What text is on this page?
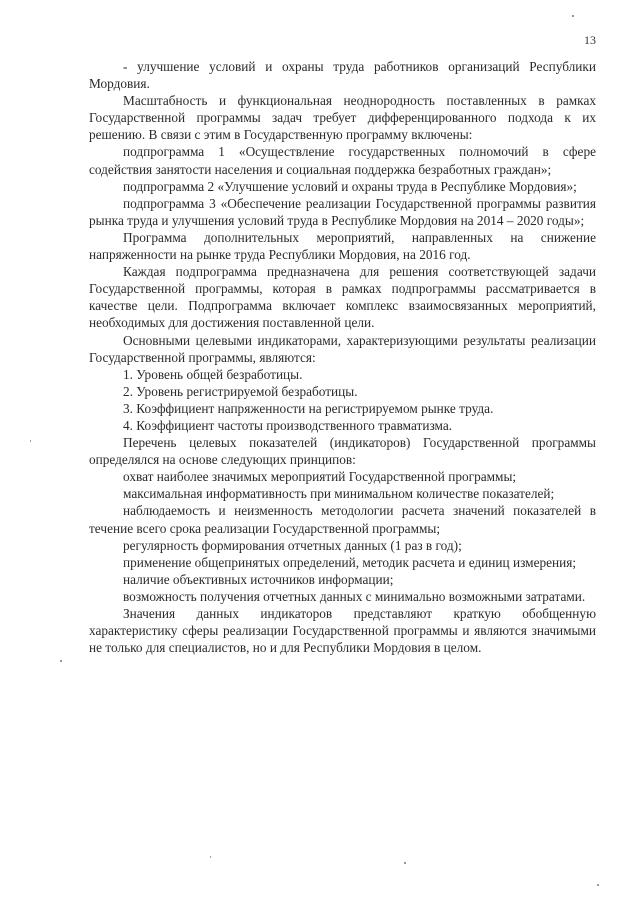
13

- улучшение условий и охраны труда работников организаций Республики Мордовия.

Масштабность и функциональная неоднородность поставленных в рамках Государственной программы задач требует дифференцированного подхода к их решению. В связи с этим в Государственную программу включены:

подпрограмма 1 «Осуществление государственных полномочий в сфере содействия занятости населения и социальная поддержка безработных граждан»;

подпрограмма 2 «Улучшение условий и охраны труда в Республике Мордовия»;

подпрограмма 3 «Обеспечение реализации Государственной программы развития рынка труда и улучшения условий труда в Республике Мордовия на 2014 – 2020 годы»;

Программа дополнительных мероприятий, направленных на снижение напряженности на рынке труда Республики Мордовия, на 2016 год.

Каждая подпрограмма предназначена для решения соответствующей задачи Государственной программы, которая в рамках подпрограммы рассматривается в качестве цели. Подпрограмма включает комплекс взаимосвязанных мероприятий, необходимых для достижения поставленной цели.

Основными целевыми индикаторами, характеризующими результаты реализации Государственной программы, являются:

1. Уровень общей безработицы.

2. Уровень регистрируемой безработицы.

3. Коэффициент напряженности на регистрируемом рынке труда.

4. Коэффициент частоты производственного травматизма.

Перечень целевых показателей (индикаторов) Государственной программы определялся на основе следующих принципов:

охват наиболее значимых мероприятий Государственной программы;

максимальная информативность при минимальном количестве показателей;

наблюдаемость и неизменность методологии расчета значений показателей в течение всего срока реализации Государственной программы;

регулярность формирования отчетных данных (1 раз в год);

применение общепринятых определений, методик расчета и единиц измерения;

наличие объективных источников информации;

возможность получения отчетных данных с минимально возможными затратами.

Значения данных индикаторов представляют краткую обобщенную характеристику сферы реализации Государственной программы и являются значимыми не только для специалистов, но и для Республики Мордовия в целом.
